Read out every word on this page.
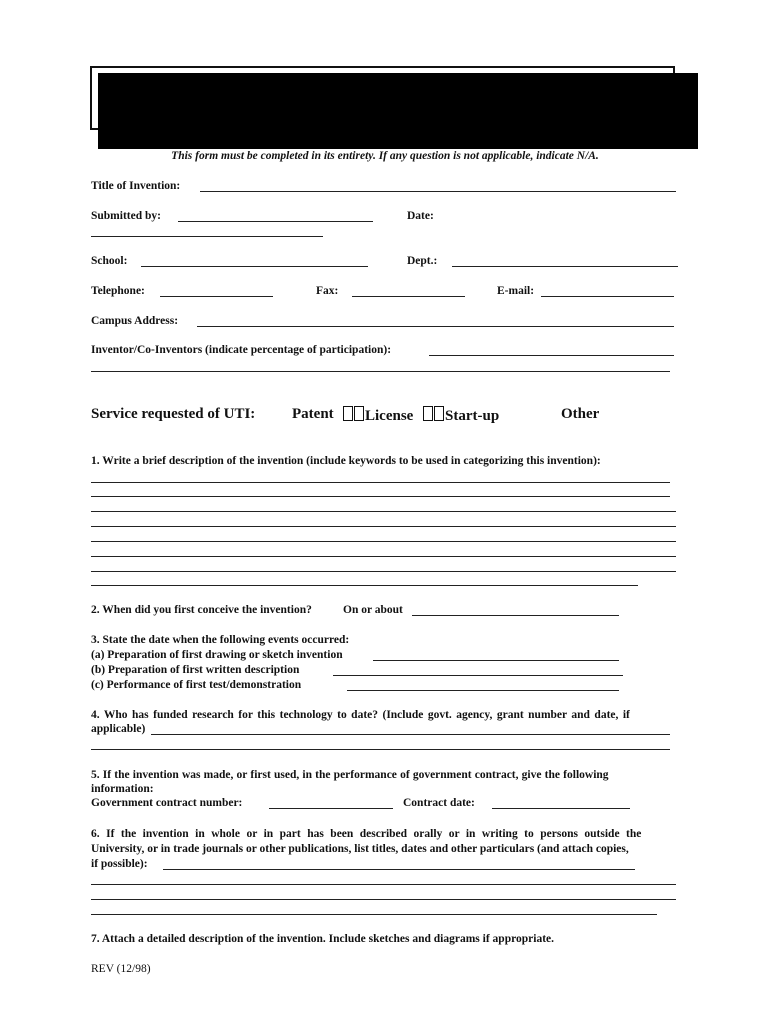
This form must be completed in its entirety. If any question is not applicable, indicate N/A.
Title of Invention:
Submitted by:	Date:
School:	Dept.:
Telephone:	Fax:	E-mail:
Campus Address:
Inventor/Co-Inventors (indicate percentage of participation):
Service requested of UTI: Patent	License	Start-up	Other
1. Write a brief description of the invention (include keywords to be used in categorizing this invention):
2. When did you first conceive the invention?	On or about
3. State the date when the following events occurred:
(a) Preparation of first drawing or sketch invention
(b) Preparation of first written description
(c) Performance of first test/demonstration
4. Who has funded research for this technology to date? (Include govt. agency, grant number and date, if
applicable)
5. If the invention was made, or first used, in the performance of government contract, give the following
information:
Government contract number:	Contract date:
6. If the invention in whole or in part has been described orally or in writing to persons outside the
University, or in trade journals or other publications, list titles, dates and other particulars (and attach copies,
if possible):
7. Attach a detailed description of the invention. Include sketches and diagrams if appropriate.
REV (12/98)
